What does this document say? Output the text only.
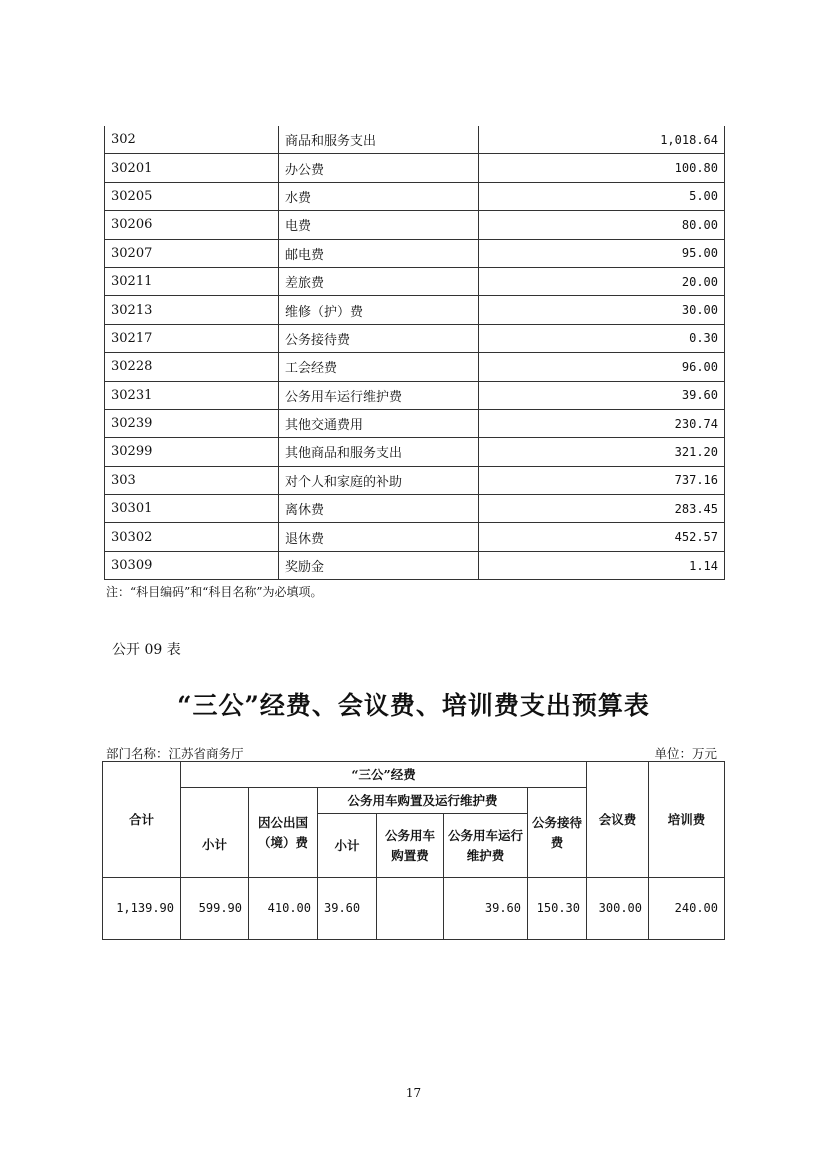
302	商品和服务支出	1,018.64
30201	办公费	100.80
30205	水费	5.00
30206	电费	80.00
30207	邮电费	95.00
30211	差旅费	20.00
30213	维修（护）费	30.00
30217	公务接待费	0.30
30228	工会经费	96.00
30231	公务用车运行维护费	39.60
30239	其他交通费用	230.74
30299	其他商品和服务支出	321.20
303	对个人和家庭的补助	737.16
30301	离休费	283.45
30302	退休费	452.57
30309	奖励金	1.14
注：“科目编码”和“科目名称”为必填项。
公开 09 表
“三公”经费、会议费、培训费支出预算表
部门名称：江苏省商务厅	单位：万元
合计	“三公”经费						会议费	培训费
	小计	因公出国（境）费	公务用车购置及运行维护费			公务接待费		
			小计	公务用车购置费	公务用车运行维护费			
1,139.90	599.90	410.00	39.60		39.60	150.30	300.00	240.00
17
